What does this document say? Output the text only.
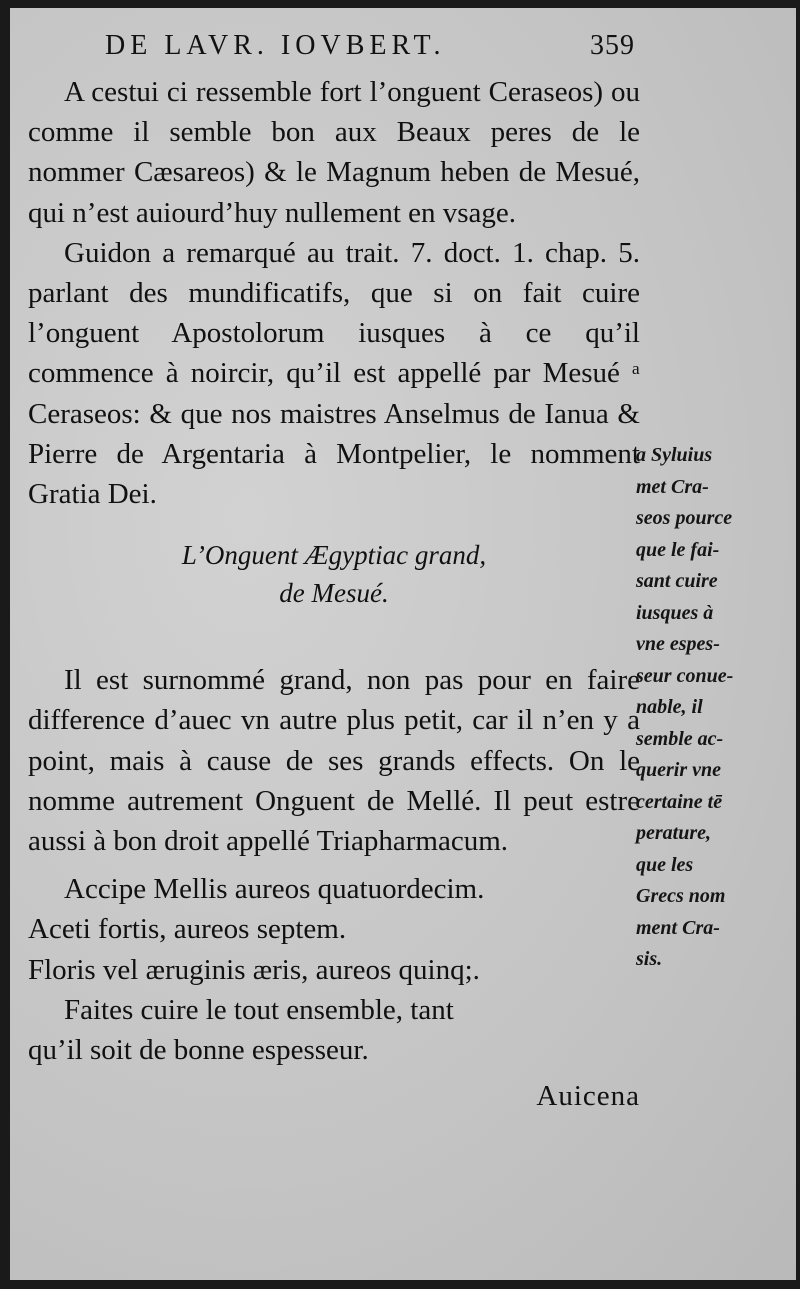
DE LAVR. IOVBERT.	359

A cestui ci ressemble fort l’onguent Ceraseos) ou comme il semble bon aux Beaux peres de le nommer Cæsareos) & le Magnum heben de Mesué, qui n’est auiourd’huy nullement en vsage.

Guidon a remarqué au trait. 7. doct. 1. chap. 5. parlant des mundificatifs, que si on fait cuire l’onguent Apostolorum iusques à ce qu’il commence à noircir, qu’il est appellé par Mesué ᵃ Ceraseos: & que nos maistres Anselmus de Ianua & Pierre de Argentaria à Montpelier, le nomment Gratia Dei.

L’Onguent Ægyptiac grand,
de Mesué.

Il est surnommé grand, non pas pour en faire difference d’auec vn autre plus petit, car il n’en y a point, mais à cause de ses grands effects. On le nomme autrement Onguent de Mellé. Il peut estre aussi à bon droit appellé Triapharmacum.

Accipe Mellis aureos quatuordecim.
Aceti fortis, aureos septem.
Floris vel æruginis æris, aureos quinq;.
Faites cuire le tout ensemble, tant
qu’il soit de bonne espesseur.
Auicena
a Syluius
met Cra-
seos pource
que le fai-
sant cuire
iusques à
vne espes-
seur conue-
nable, il
semble ac-
querir vne
certaine tē
perature,
que les
Grecs nom
ment Cra-
sis.
